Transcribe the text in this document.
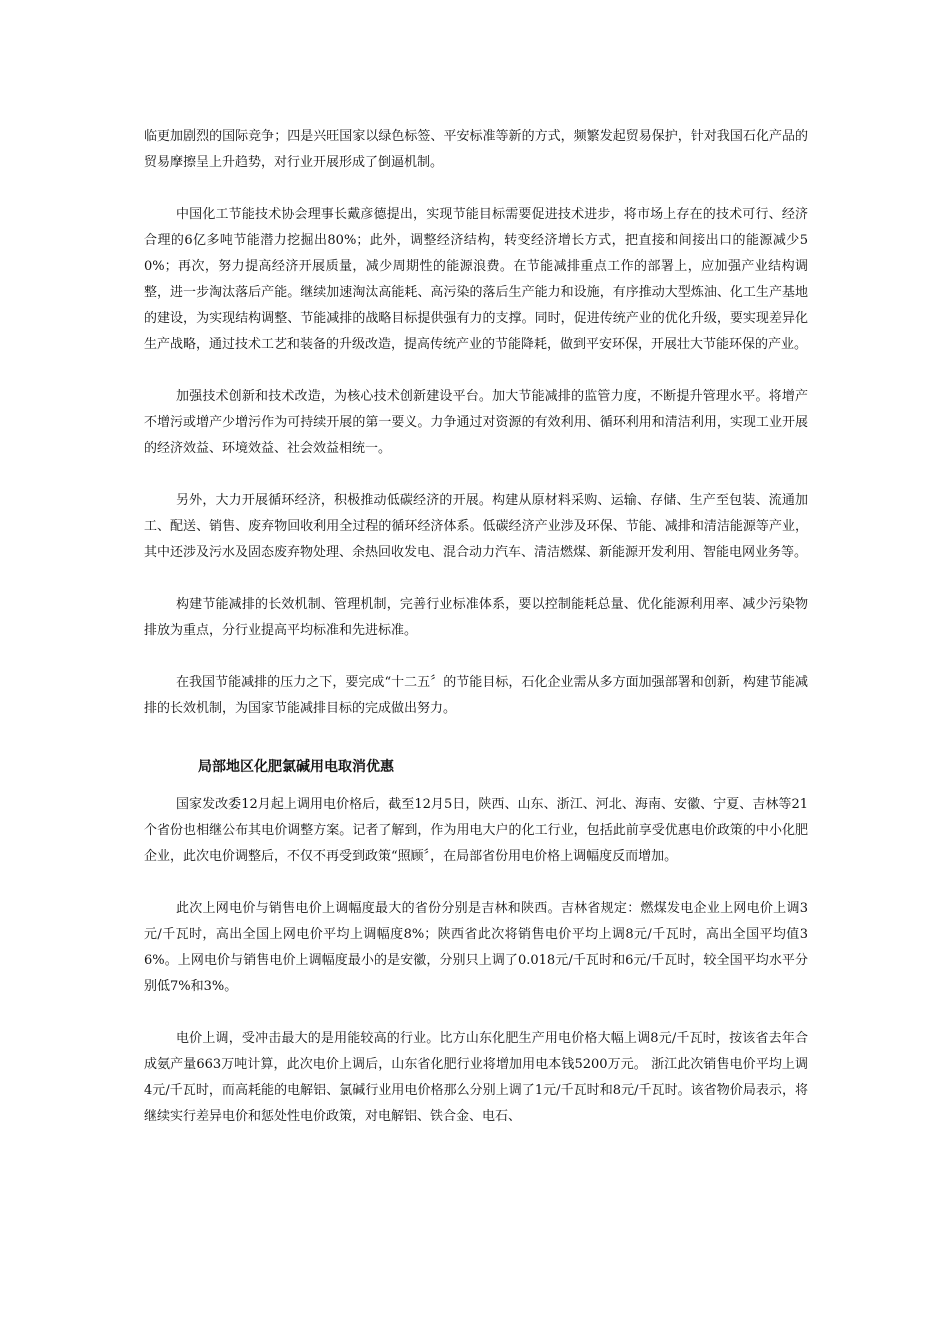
临更加剧烈的国际竞争；四是兴旺国家以绿色标签、平安标准等新的方式，频繁发起贸易保护，针对我国石化产品的贸易摩擦呈上升趋势，对行业开展形成了倒逼机制。

中国化工节能技术协会理事长戴彦德提出，实现节能目标需要促进技术进步，将市场上存在的技术可行、经济合理的6亿多吨节能潜力挖掘出80%；此外，调整经济结构，转变经济增长方式，把直接和间接出口的能源减少50%；再次，努力提高经济开展质量，减少周期性的能源浪费。在节能减排重点工作的部署上，应加强产业结构调整，进一步淘汰落后产能。继续加速淘汰高能耗、高污染的落后生产能力和设施，有序推动大型炼油、化工生产基地的建设，为实现结构调整、节能减排的战略目标提供强有力的支撑。同时，促进传统产业的优化升级，要实现差异化生产战略，通过技术工艺和装备的升级改造，提高传统产业的节能降耗，做到平安环保，开展壮大节能环保的产业。

加强技术创新和技术改造，为核心技术创新建设平台。加大节能减排的监管力度，不断提升管理水平。将增产不增污或增产少增污作为可持续开展的第一要义。力争通过对资源的有效利用、循环利用和清洁利用，实现工业开展的经济效益、环境效益、社会效益相统一。

另外，大力开展循环经济，积极推动低碳经济的开展。构建从原材料采购、运输、存储、生产至包装、流通加工、配送、销售、废弃物回收利用全过程的循环经济体系。低碳经济产业涉及环保、节能、减排和清洁能源等产业，其中还涉及污水及固态废弃物处理、余热回收发电、混合动力汽车、清洁燃煤、新能源开发利用、智能电网业务等。

构建节能减排的长效机制、管理机制，完善行业标准体系，要以控制能耗总量、优化能源利用率、减少污染物排放为重点，分行业提高平均标准和先进标准。

在我国节能减排的压力之下，要完成“十二五〞的节能目标，石化企业需从多方面加强部署和创新，构建节能减排的长效机制，为国家节能减排目标的完成做出努力。

局部地区化肥氯碱用电取消优惠

国家发改委12月起上调用电价格后，截至12月5日，陕西、山东、浙江、河北、海南、安徽、宁夏、吉林等21个省份也相继公布其电价调整方案。记者了解到，作为用电大户的化工行业，包括此前享受优惠电价政策的中小化肥企业，此次电价调整后，不仅不再受到政策“照顾〞，在局部省份用电价格上调幅度反而增加。

此次上网电价与销售电价上调幅度最大的省份分别是吉林和陕西。吉林省规定：燃煤发电企业上网电价上调3元/千瓦时，高出全国上网电价平均上调幅度8%；陕西省此次将销售电价平均上调8元/千瓦时，高出全国平均值36%。上网电价与销售电价上调幅度最小的是安徽，分别只上调了0.018元/千瓦时和6元/千瓦时，较全国平均水平分别低7%和3%。

电价上调，受冲击最大的是用能较高的行业。比方山东化肥生产用电价格大幅上调8元/千瓦时，按该省去年合成氨产量663万吨计算，此次电价上调后，山东省化肥行业将增加用电本钱5200万元。 浙江此次销售电价平均上调4元/千瓦时，而高耗能的电解铝、氯碱行业用电价格那么分别上调了1元/千瓦时和8元/千瓦时。该省物价局表示，将继续实行差异电价和惩处性电价政策，对电解铝、铁合金、电石、
